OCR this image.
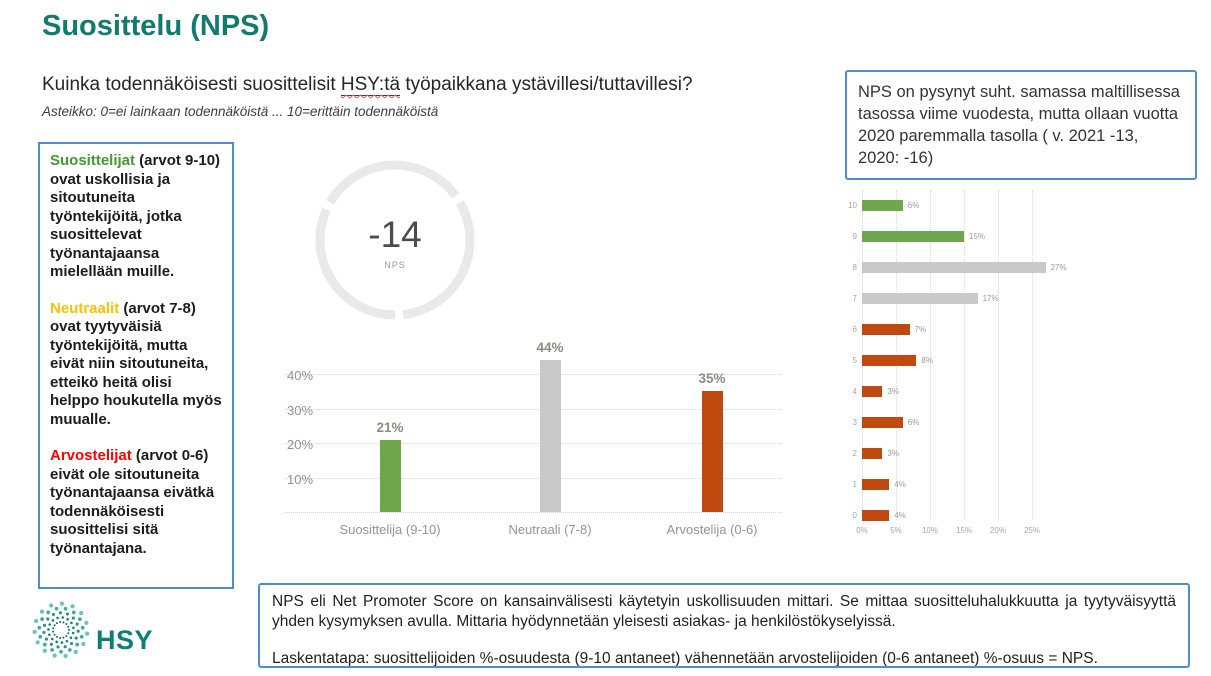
Suosittelu (NPS)
Kuinka todennäköisesti suosittelisit HSY:tä työpaikkana ystävillesi/tuttavillesi?
Asteikko: 0=ei lainkaan todennäköistä ... 10=erittäin todennäköistä

Suosittelijat (arvot 9-10) ovat uskollisia ja sitoutuneita työntekijöitä, jotka suosittelevat työnantajaansa mielellään muille.

Neutraalit (arvot 7-8) ovat tyytyväisiä työntekijöitä, mutta eivät niin sitoutuneita, etteikö heitä olisi helppo houkutella myös muualle.

Arvostelijat (arvot 0-6) eivät ole sitoutuneita työnantajaansa eivätkä todennäköisesti suosittelisi sitä työnantajana.

-14
NPS
10%
20%
30%
40%
21%
Suosittelija (9-10)
44%
Neutraali (7-8)
35%
Arvostelija (0-6)
NPS on pysynyt suht. samassa maltillisessa tasossa viime vuodesta, mutta ollaan vuotta 2020 paremmalla tasolla ( v. 2021 -13, 2020: -16)
0%	5%	10%	15%	20%	25%
10	6%
9	15%
8	27%
7	17%
6	7%
5	8%
4	3%
3	6%
2	3%
1	4%
0	4%

NPS eli Net Promoter Score on kansainvälisesti käytetyin uskollisuuden mittari. Se mittaa suositteluhalukkuutta ja tyytyväisyyttä yhden kysymyksen avulla. Mittaria hyödynnetään yleisesti asiakas- ja henkilöstökyselyissä.

Laskentatapa: suosittelijoiden %-osuudesta (9-10 antaneet) vähennetään arvostelijoiden (0-6 antaneet) %-osuus = NPS.

HSY
